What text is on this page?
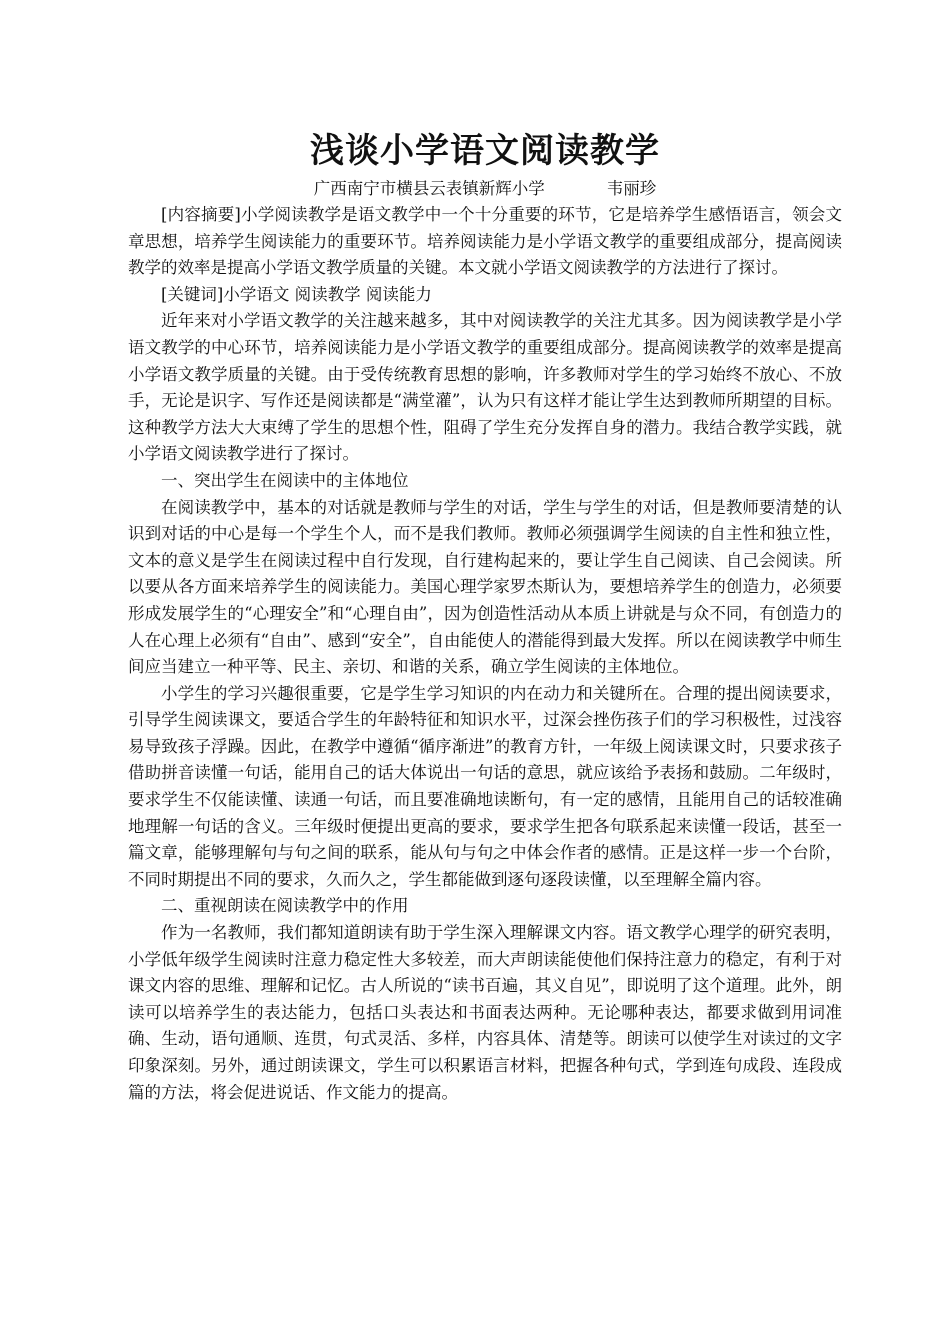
浅谈小学语文阅读教学

广西南宁市横县云表镇新辉小学	韦丽珍

[内容摘要]小学阅读教学是语文教学中一个十分重要的环节，它是培养学生感悟语言，领会文章思想，培养学生阅读能力的重要环节。培养阅读能力是小学语文教学的重要组成部分，提高阅读教学的效率是提高小学语文教学质量的关键。本文就小学语文阅读教学的方法进行了探讨。

[关键词]小学语文 阅读教学 阅读能力

近年来对小学语文教学的关注越来越多，其中对阅读教学的关注尤其多。因为阅读教学是小学语文教学的中心环节，培养阅读能力是小学语文教学的重要组成部分。提高阅读教学的效率是提高小学语文教学质量的关键。由于受传统教育思想的影响，许多教师对学生的学习始终不放心、不放手，无论是识字、写作还是阅读都是“满堂灌”，认为只有这样才能让学生达到教师所期望的目标。这种教学方法大大束缚了学生的思想个性，阻碍了学生充分发挥自身的潜力。我结合教学实践，就小学语文阅读教学进行了探讨。

一、突出学生在阅读中的主体地位

在阅读教学中，基本的对话就是教师与学生的对话，学生与学生的对话，但是教师要清楚的认识到对话的中心是每一个学生个人，而不是我们教师。教师必须强调学生阅读的自主性和独立性，文本的意义是学生在阅读过程中自行发现，自行建构起来的，要让学生自己阅读、自己会阅读。所以要从各方面来培养学生的阅读能力。美国心理学家罗杰斯认为，要想培养学生的创造力，必须要形成发展学生的“心理安全”和“心理自由”，因为创造性活动从本质上讲就是与众不同，有创造力的人在心理上必须有“自由”、感到“安全”，自由能使人的潜能得到最大发挥。所以在阅读教学中师生间应当建立一种平等、民主、亲切、和谐的关系，确立学生阅读的主体地位。

小学生的学习兴趣很重要，它是学生学习知识的内在动力和关键所在。合理的提出阅读要求，引导学生阅读课文，要适合学生的年龄特征和知识水平，过深会挫伤孩子们的学习积极性，过浅容易导致孩子浮躁。因此，在教学中遵循“循序渐进”的教育方针，一年级上阅读课文时，只要求孩子借助拼音读懂一句话，能用自己的话大体说出一句话的意思，就应该给予表扬和鼓励。二年级时，要求学生不仅能读懂、读通一句话，而且要准确地读断句，有一定的感情，且能用自己的话较准确地理解一句话的含义。三年级时便提出更高的要求，要求学生把各句联系起来读懂一段话，甚至一篇文章，能够理解句与句之间的联系，能从句与句之中体会作者的感情。正是这样一步一个台阶，不同时期提出不同的要求，久而久之，学生都能做到逐句逐段读懂，以至理解全篇内容。

二、重视朗读在阅读教学中的作用

作为一名教师，我们都知道朗读有助于学生深入理解课文内容。语文教学心理学的研究表明，小学低年级学生阅读时注意力稳定性大多较差，而大声朗读能使他们保持注意力的稳定，有利于对课文内容的思维、理解和记忆。古人所说的“读书百遍，其义自见”，即说明了这个道理。此外，朗读可以培养学生的表达能力，包括口头表达和书面表达两种。无论哪种表达，都要求做到用词准确、生动，语句通顺、连贯，句式灵活、多样，内容具体、清楚等。朗读可以使学生对读过的文字印象深刻。另外，通过朗读课文，学生可以积累语言材料，把握各种句式，学到连句成段、连段成篇的方法，将会促进说话、作文能力的提高。
